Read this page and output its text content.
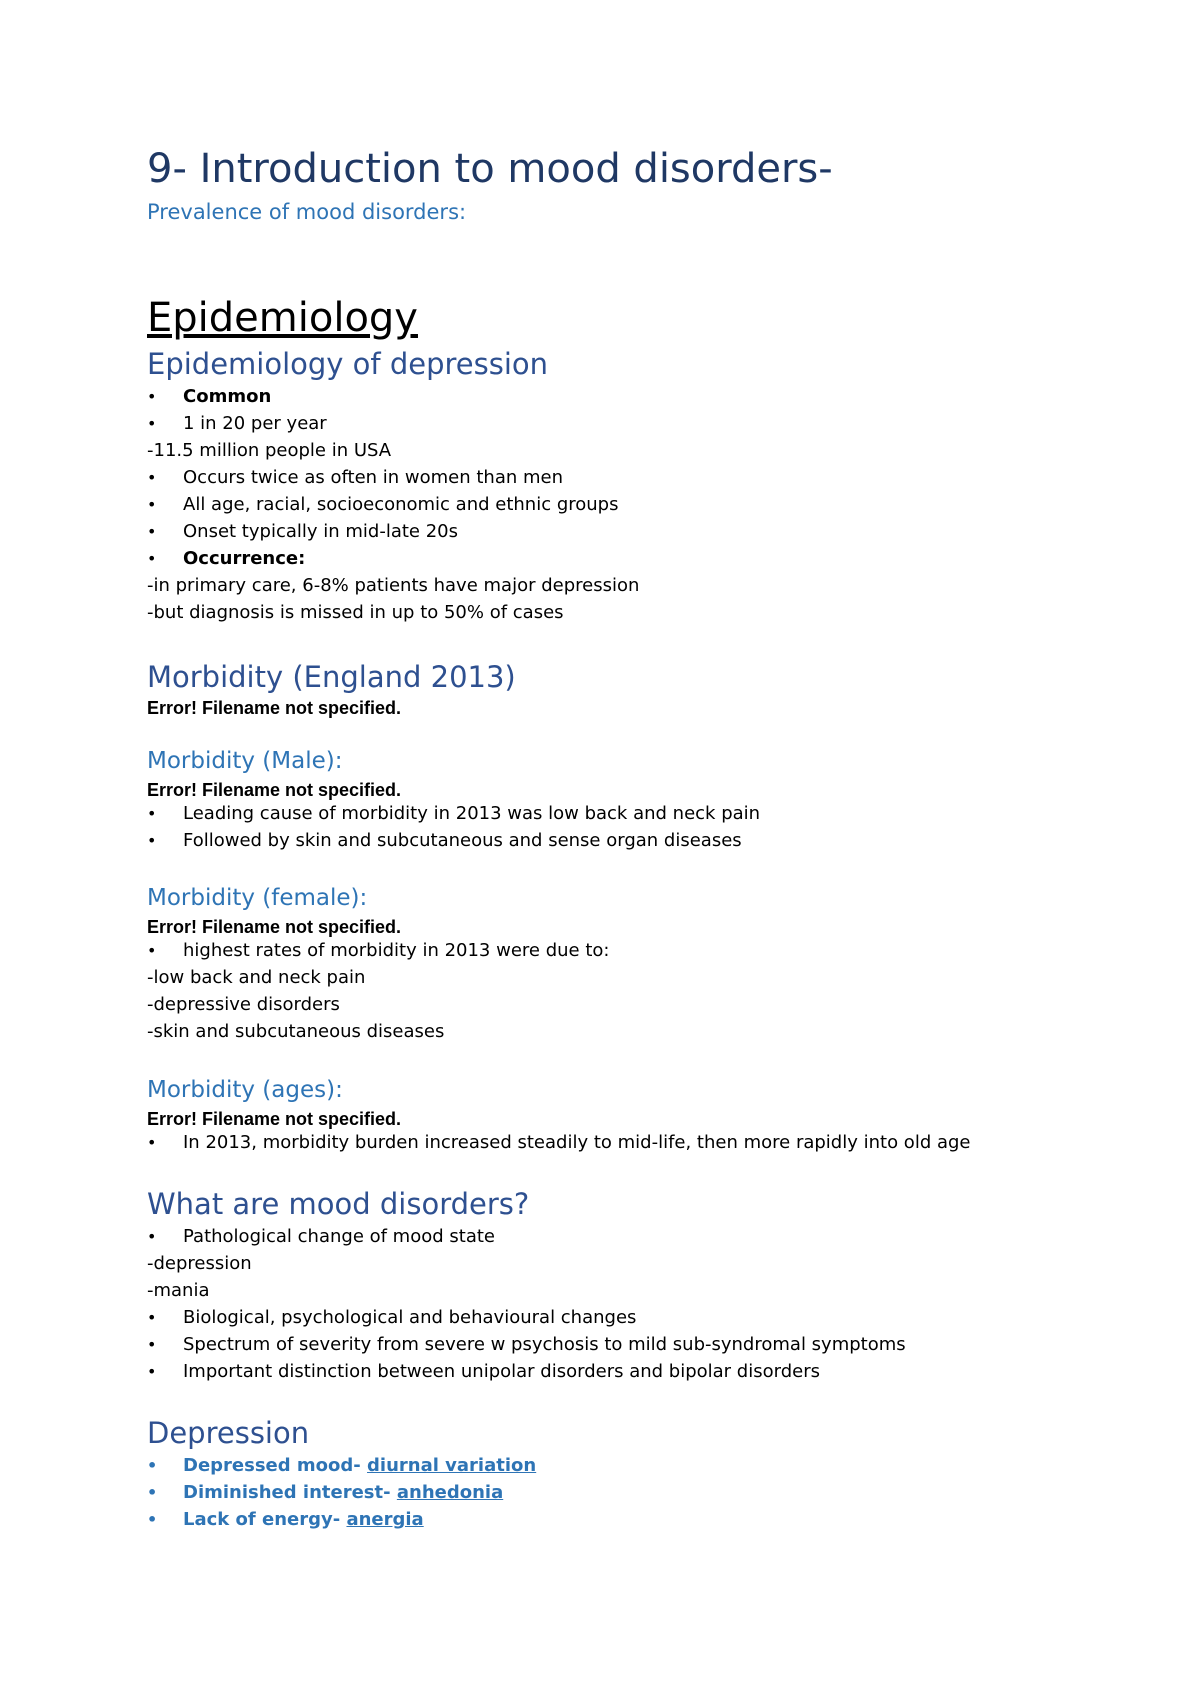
9- Introduction to mood disorders-
Prevalence of mood disorders:
Epidemiology
Epidemiology of depression
• Common
• 1 in 20 per year
-11.5 million people in USA
• Occurs twice as often in women than men
• All age, racial, socioeconomic and ethnic groups
• Onset typically in mid-late 20s
• Occurrence:
-in primary care, 6-8% patients have major depression
-but diagnosis is missed in up to 50% of cases
Morbidity (England 2013)
Error! Filename not specified.
Morbidity (Male):
Error! Filename not specified.
• Leading cause of morbidity in 2013 was low back and neck pain
• Followed by skin and subcutaneous and sense organ diseases
Morbidity (female):
Error! Filename not specified.
• highest rates of morbidity in 2013 were due to:
-low back and neck pain
-depressive disorders
-skin and subcutaneous diseases
Morbidity (ages):
Error! Filename not specified.
• In 2013, morbidity burden increased steadily to mid-life, then more rapidly into old age
What are mood disorders?
• Pathological change of mood state
-depression
-mania
• Biological, psychological and behavioural changes
• Spectrum of severity from severe w psychosis to mild sub-syndromal symptoms
• Important distinction between unipolar disorders and bipolar disorders
Depression
• Depressed mood- diurnal variation
• Diminished interest- anhedonia
• Lack of energy- anergia
